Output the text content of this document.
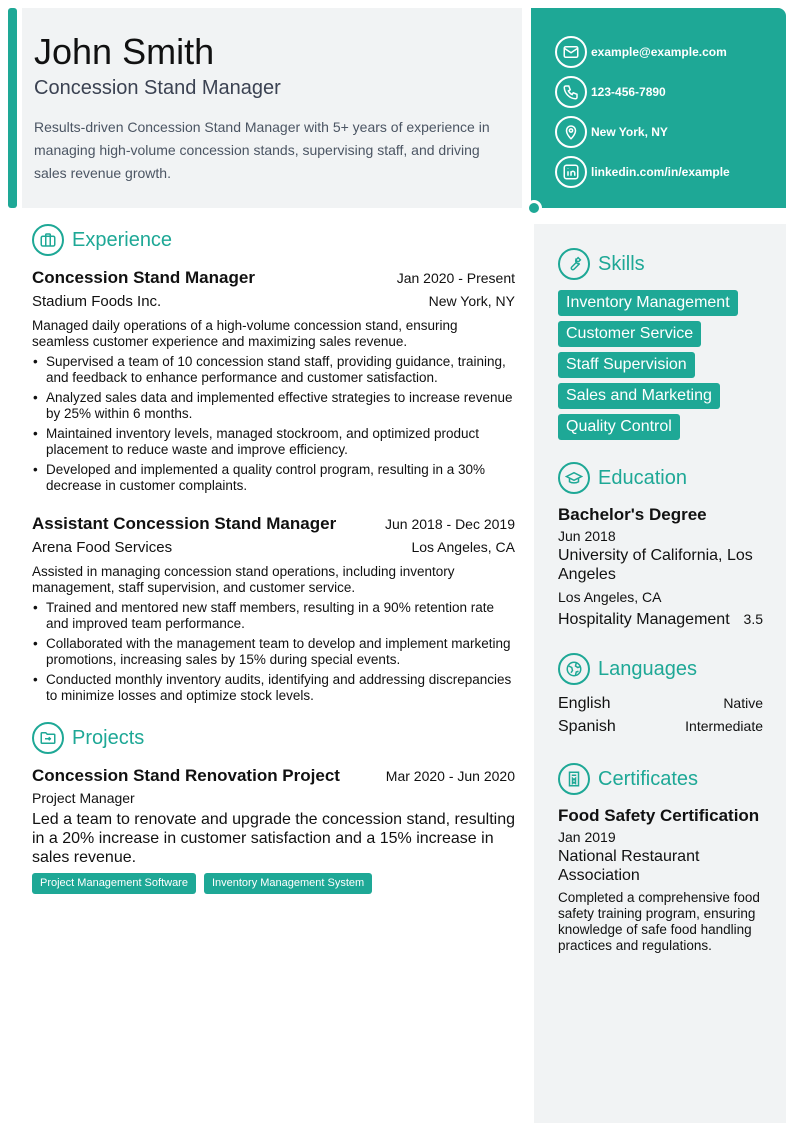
John Smith
Concession Stand Manager
Results-driven Concession Stand Manager with 5+ years of experience in managing high-volume concession stands, supervising staff, and driving sales revenue growth.
example@example.com
123-456-7890
New York, NY
linkedin.com/in/example
Experience
Concession Stand Manager	Jan 2020 - Present
Stadium Foods Inc.	New York, NY
Managed daily operations of a high-volume concession stand, ensuring seamless customer experience and maximizing sales revenue.
• Supervised a team of 10 concession stand staff, providing guidance, training, and feedback to enhance performance and customer satisfaction.
• Analyzed sales data and implemented effective strategies to increase revenue by 25% within 6 months.
• Maintained inventory levels, managed stockroom, and optimized product placement to reduce waste and improve efficiency.
• Developed and implemented a quality control program, resulting in a 30% decrease in customer complaints.
Assistant Concession Stand Manager	Jun 2018 - Dec 2019
Arena Food Services	Los Angeles, CA
Assisted in managing concession stand operations, including inventory management, staff supervision, and customer service.
• Trained and mentored new staff members, resulting in a 90% retention rate and improved team performance.
• Collaborated with the management team to develop and implement marketing promotions, increasing sales by 15% during special events.
• Conducted monthly inventory audits, identifying and addressing discrepancies to minimize losses and optimize stock levels.
Projects
Concession Stand Renovation Project	Mar 2020 - Jun 2020
Project Manager
Led a team to renovate and upgrade the concession stand, resulting in a 20% increase in customer satisfaction and a 15% increase in sales revenue.
Project Management Software	Inventory Management System
Skills
Inventory Management
Customer Service
Staff Supervision
Sales and Marketing
Quality Control
Education
Bachelor's Degree
Jun 2018
University of California, Los Angeles
Los Angeles, CA
Hospitality Management 3.5
Languages
English	Native
Spanish	Intermediate
Certificates
Food Safety Certification
Jan 2019
National Restaurant Association
Completed a comprehensive food safety training program, ensuring knowledge of safe food handling practices and regulations.
